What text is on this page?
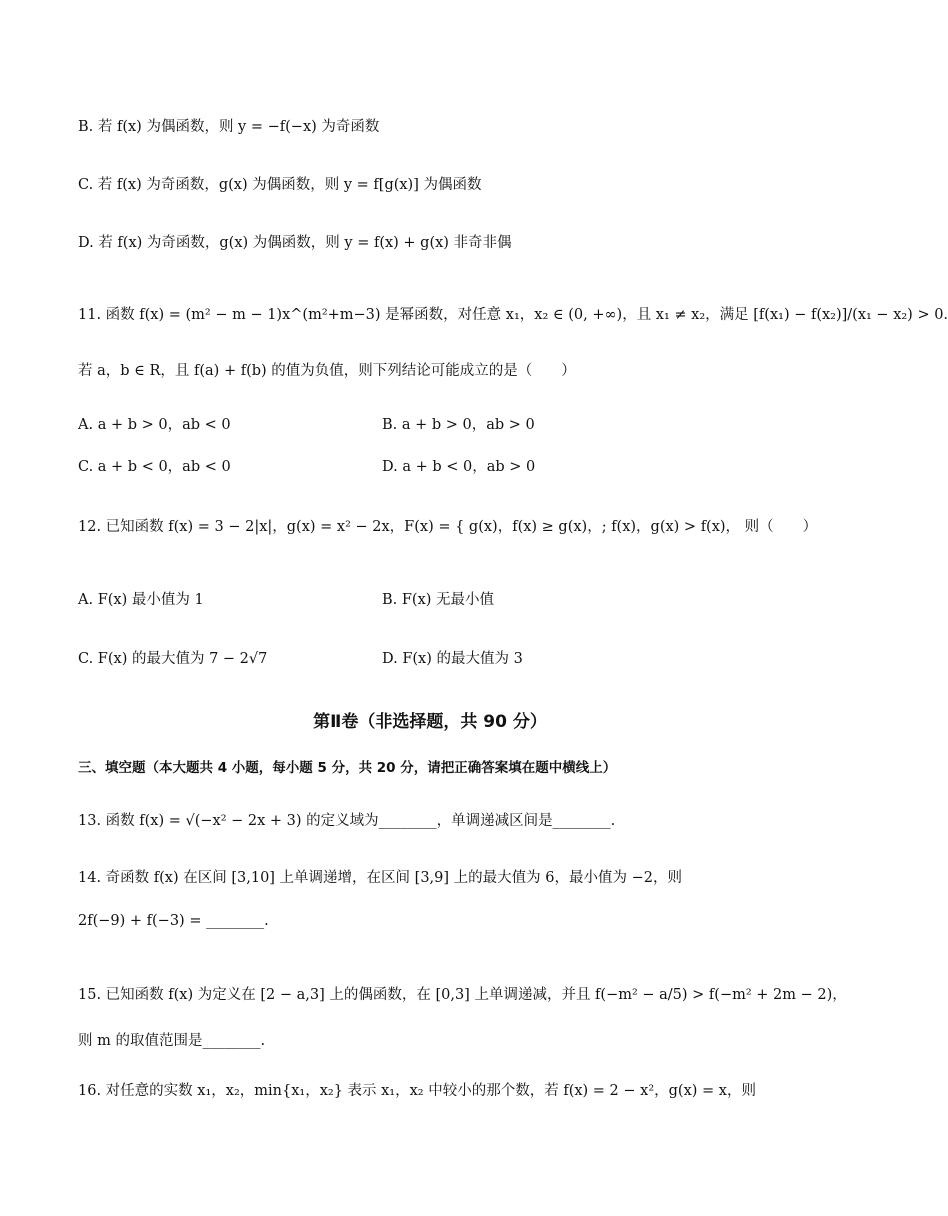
B. 若 f(x) 为偶函数，则 y = −f(−x) 为奇函数
C. 若 f(x) 为奇函数，g(x) 为偶函数，则 y = f[g(x)] 为偶函数
D. 若 f(x) 为奇函数，g(x) 为偶函数，则 y = f(x) + g(x) 非奇非偶
11. 函数 f(x) = (m² − m − 1)x^(m²+m−3) 是幂函数，对任意 x₁，x₂ ∈ (0, +∞)，且 x₁ ≠ x₂，满足 [f(x₁) − f(x₂)]/(x₁ − x₂) > 0.
若 a，b ∈ R，且 f(a) + f(b) 的值为负值，则下列结论可能成立的是（　　）
A. a + b > 0，ab < 0	B. a + b > 0，ab > 0
C. a + b < 0，ab < 0	D. a + b < 0，ab > 0
12. 已知函数 f(x) = 3 − 2|x|，g(x) = x² − 2x，F(x) = { g(x)，f(x) ≥ g(x)，; f(x)，g(x) > f(x)， 则（　　）
A. F(x) 最小值为 1	B. F(x) 无最小值
C. F(x) 的最大值为 7 − 2√7	D. F(x) 的最大值为 3
第Ⅱ卷（非选择题，共 90 分）
三、填空题（本大题共 4 小题，每小题 5 分，共 20 分，请把正确答案填在题中横线上）
13. 函数 f(x) = √(−x² − 2x + 3) 的定义域为________，单调递减区间是________.
14. 奇函数 f(x) 在区间 [3,10] 上单调递增，在区间 [3,9] 上的最大值为 6，最小值为 −2，则
2f(−9) + f(−3) = ________.
15. 已知函数 f(x) 为定义在 [2 − a,3] 上的偶函数，在 [0,3] 上单调递减，并且 f(−m² − a/5) > f(−m² + 2m − 2)，
则 m 的取值范围是________.
16. 对任意的实数 x₁，x₂，min{x₁，x₂} 表示 x₁，x₂ 中较小的那个数，若 f(x) = 2 − x²，g(x) = x，则
